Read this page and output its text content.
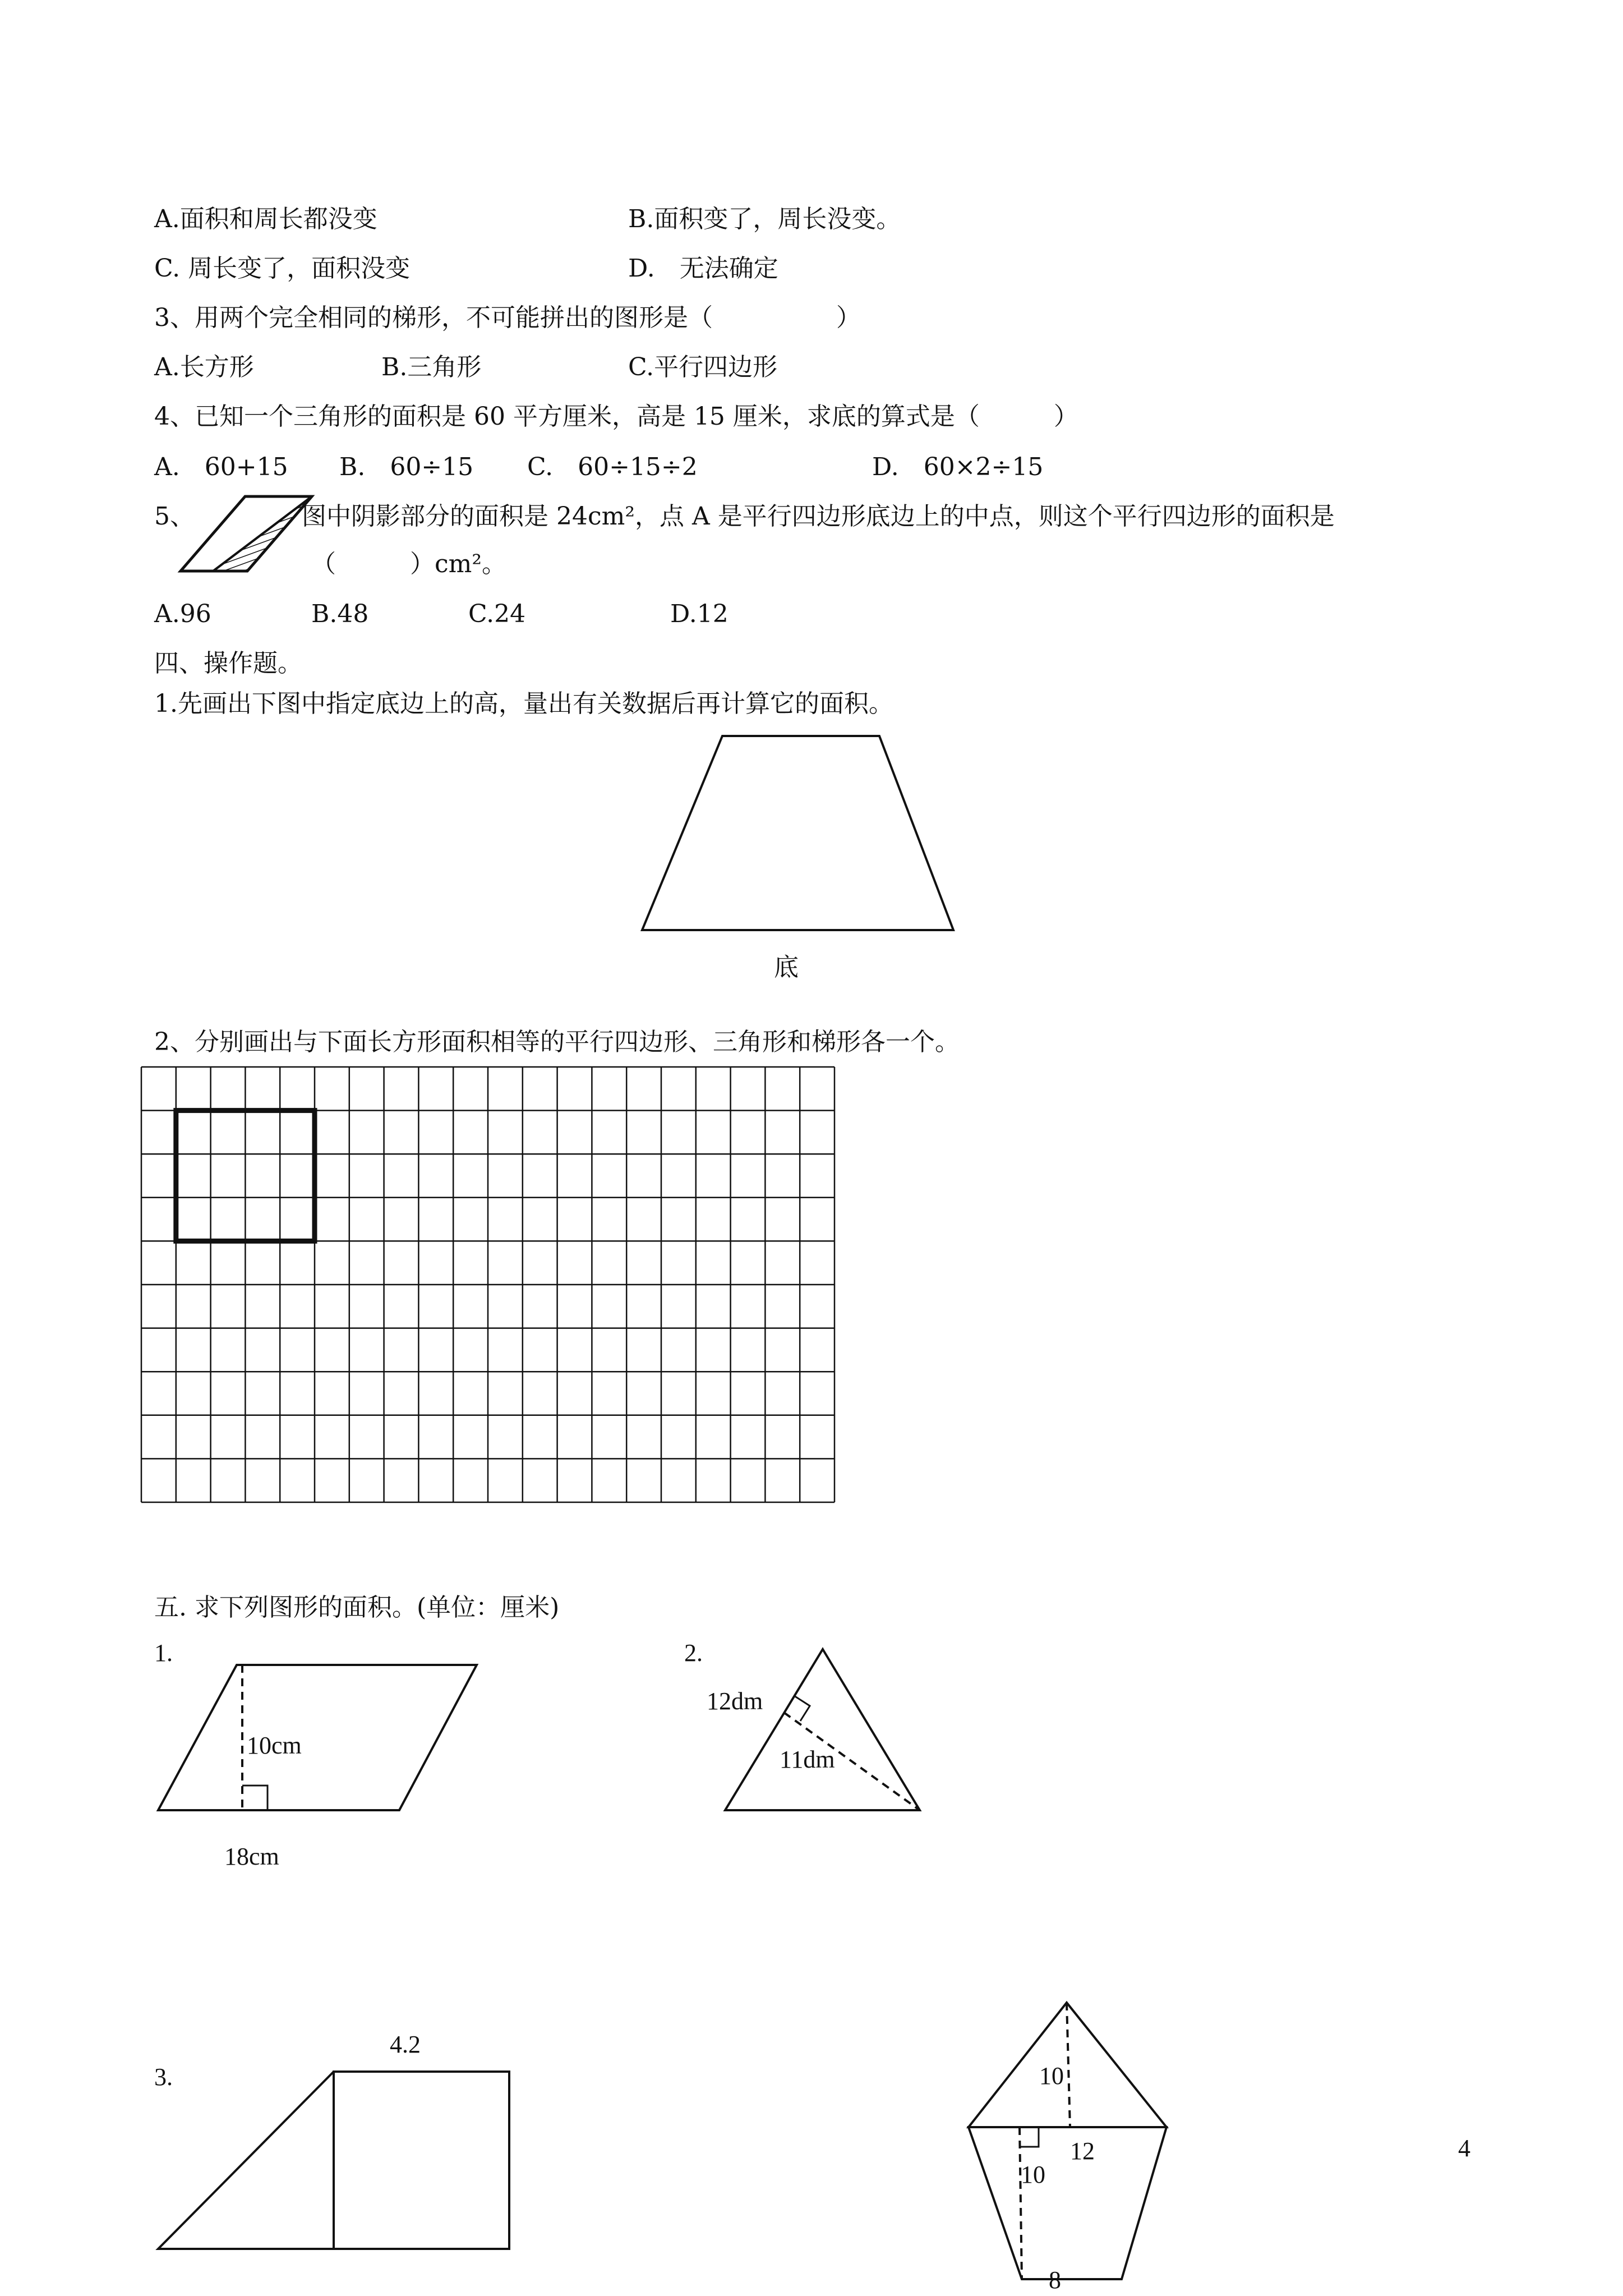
A.面积和周长都没变	B.面积变了，周长没变。
C. 周长变了，面积没变	D.　无法确定
3、用两个完全相同的梯形，不可能拼出的图形是（　　　　　）
A.长方形	B.三角形	C.平行四边形
4、已知一个三角形的面积是 60 平方厘米，高是 15 厘米，求底的算式是（　　　）
A.　60+15 B.　60÷15 C.　60÷15÷2	D.　60×2÷15
5、	图中阴影部分的面积是 24cm²，点 A 是平行四边形底边上的中点，则这个平行四边形的面积是
（　　　）cm²。
A.96	B.48	C.24	D.12
四、操作题。
1.先画出下图中指定底边上的高，量出有关数据后再计算它的面积。
底
2、分别画出与下面长方形面积相等的平行四边形、三角形和梯形各一个。
五. 求下列图形的面积。(单位：厘米)
1.
10cm
18cm
2.
12dm
11dm
3.
4.2
10
12
10
8
4
